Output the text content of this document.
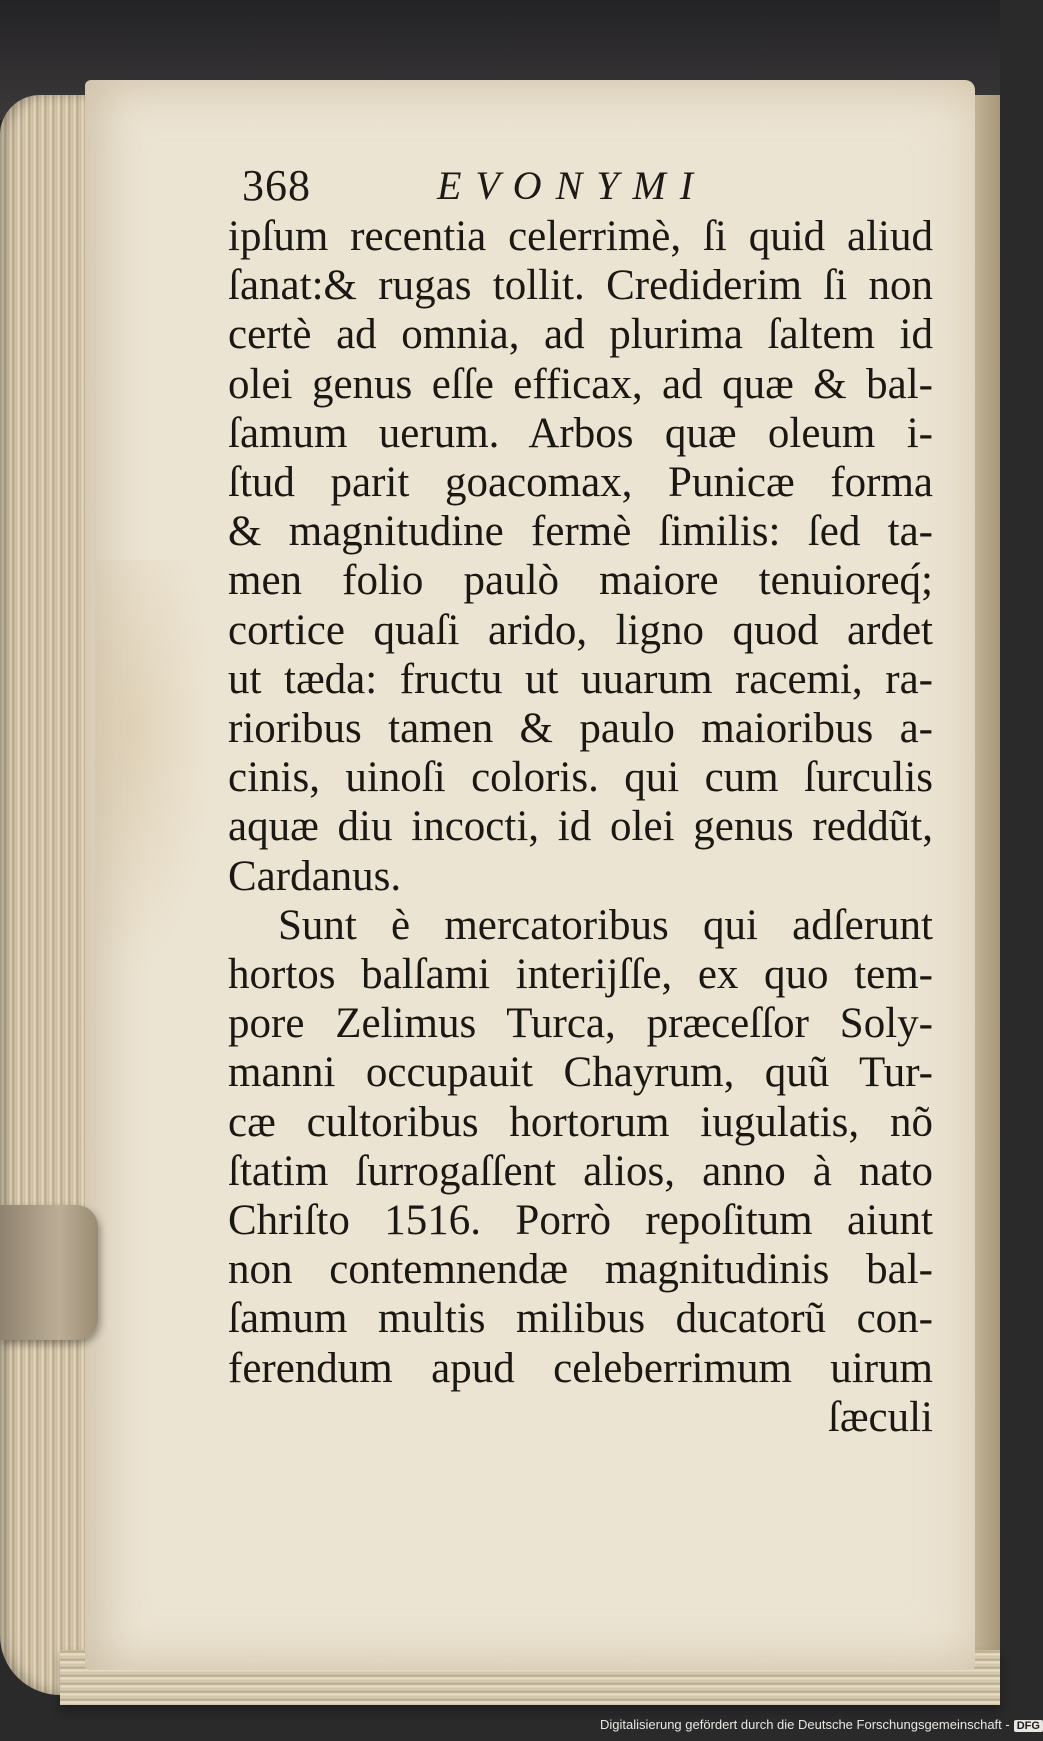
368	EVONYMI
ipſum recentia celerrimè, ſi quid aliud
ſanat:& rugas tollit. Crediderim ſi non
certè ad omnia, ad plurima ſaltem id
olei genus eſſe efficax, ad quæ & bal-
ſamum uerum. Arbos quæ oleum i-
ſtud parit goacomax, Punicæ forma
& magnitudine fermè ſimilis: ſed ta-
men folio paulò maiore tenuioreq́;
cortice quaſi arido, ligno quod ardet
ut tæda: fructu ut uuarum racemi, ra-
rioribus tamen & paulo maioribus a-
cinis, uinoſi coloris. qui cum ſurculis
aquæ diu incocti, id olei genus reddũt,
Cardanus.
Sunt è mercatoribus qui adſerunt
hortos balſami interijſſe, ex quo tem-
pore Zelimus Turca, præceſſor Soly-
manni occupauit Chayrum, quũ Tur-
cæ cultoribus hortorum iugulatis, nõ
ſtatim ſurrogaſſent alios, anno à nato
Chriſto 1516. Porrò repoſitum aiunt
non contemnendæ magnitudinis bal-
ſamum multis milibus ducatorũ con-
ferendum apud celeberrimum uirum
ſæculi
Digitalisierung gefördert durch die Deutsche Forschungsgemeinschaft - DFG
